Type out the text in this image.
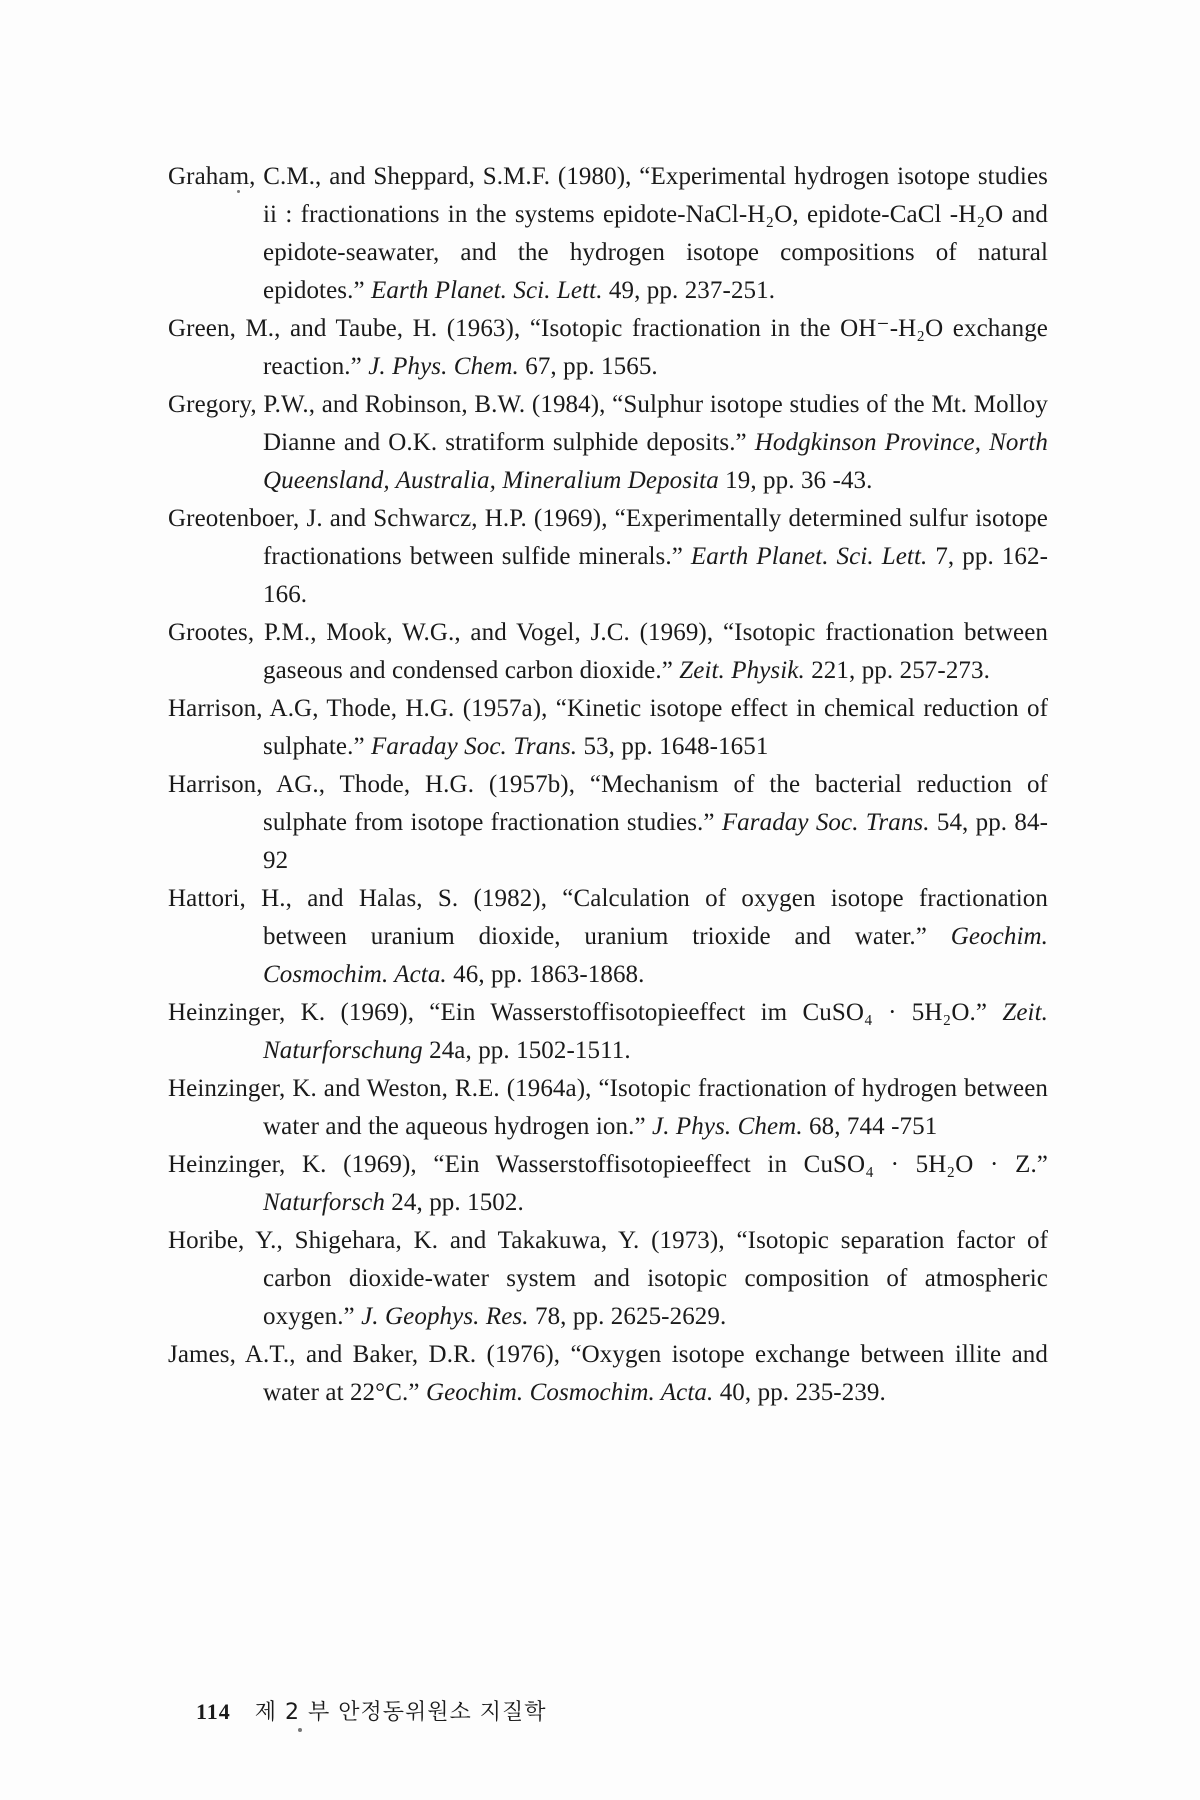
Graham, C.M., and Sheppard, S.M.F. (1980), “Experimental hydrogen isotope studies ii : fractionations in the systems epidote-NaCl-H₂O, epidote-CaCl -H₂O and epidote-seawater, and the hydrogen isotope compositions of natural epidotes.” Earth Planet. Sci. Lett. 49, pp. 237-251.

Green, M., and Taube, H. (1963), “Isotopic fractionation in the OH⁻-H₂O exchange reaction.” J. Phys. Chem. 67, pp. 1565.

Gregory, P.W., and Robinson, B.W. (1984), “Sulphur isotope studies of the Mt. Molloy Dianne and O.K. stratiform sulphide deposits.” Hodgkinson Province, North Queensland, Australia, Mineralium Deposita 19, pp. 36 -43.

Greotenboer, J. and Schwarcz, H.P. (1969), “Experimentally determined sulfur isotope fractionations between sulfide minerals.” Earth Planet. Sci. Lett. 7, pp. 162-166.

Grootes, P.M., Mook, W.G., and Vogel, J.C. (1969), “Isotopic fractionation between gaseous and condensed carbon dioxide.” Zeit. Physik. 221, pp. 257-273.

Harrison, A.G, Thode, H.G. (1957a), “Kinetic isotope effect in chemical reduction of sulphate.” Faraday Soc. Trans. 53, pp. 1648-1651

Harrison, AG., Thode, H.G. (1957b), “Mechanism of the bacterial reduction of sulphate from isotope fractionation studies.” Faraday Soc. Trans. 54, pp. 84-92

Hattori, H., and Halas, S. (1982), “Calculation of oxygen isotope fractionation between uranium dioxide, uranium trioxide and water.” Geochim. Cosmochim. Acta. 46, pp. 1863-1868.

Heinzinger, K. (1969), “Ein Wasserstoffisotopieeffect im CuSO₄ · 5H₂O.” Zeit. Naturforschung 24a, pp. 1502-1511.

Heinzinger, K. and Weston, R.E. (1964a), “Isotopic fractionation of hydrogen between water and the aqueous hydrogen ion.” J. Phys. Chem. 68, 744 -751

Heinzinger, K. (1969), “Ein Wasserstoffisotopieeffect in CuSO₄ · 5H₂O · Z.” Naturforsch 24, pp. 1502.

Horibe, Y., Shigehara, K. and Takakuwa, Y. (1973), “Isotopic separation factor of carbon dioxide-water system and isotopic composition of atmospheric oxygen.” J. Geophys. Res. 78, pp. 2625-2629.

James, A.T., and Baker, D.R. (1976), “Oxygen isotope exchange between illite and water at 22°C.” Geochim. Cosmochim. Acta. 40, pp. 235-239.

114 제 2 부 안정동위원소 지질학
